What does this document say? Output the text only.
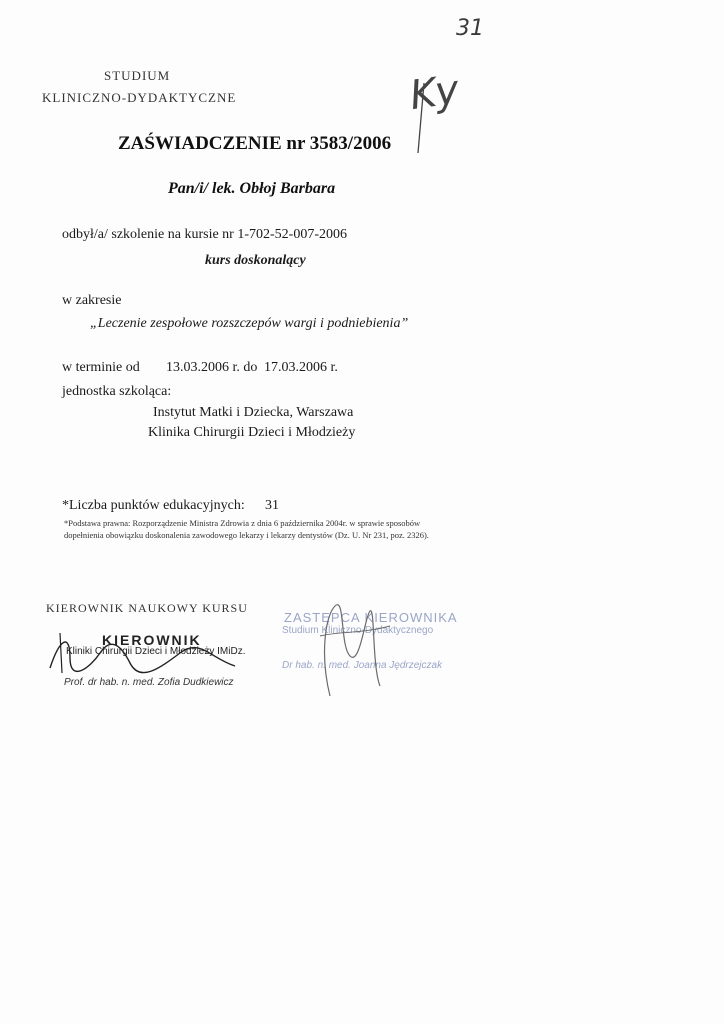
31
Ky
STUDIUM
KLINICZNO-DYDAKTYCZNE
ZAŚWIADCZENIE nr 3583/2006
Pan/i/ lek. Obłoj Barbara
odbył/a/ szkolenie na kursie nr 1-702-52-007-2006
kurs doskonalący
w zakresie
„Leczenie zespołowe rozszczepów wargi i podniebienia”
w terminie od 13.03.2006 r. do 17.03.2006 r.
jednostka szkoląca:
Instytut Matki i Dziecka, Warszawa
Klinika Chirurgii Dzieci i Młodzieży
*Liczba punktów edukacyjnych: 31
*Podstawa prawna: Rozporządzenie Ministra Zdrowia z dnia 6 października 2004r. w sprawie sposobów dopełnienia obowiązku doskonalenia zawodowego lekarzy i lekarzy dentystów (Dz. U. Nr 231, poz. 2326).
KIEROWNIK NAUKOWY KURSU
KIEROWNIK
Kliniki Chirurgii Dzieci i Młodzieży IMiDz.
Prof. dr hab. n. med. Zofia Dudkiewicz
ZASTĘPCA KIEROWNIKA
Studium Kliniczno-Dydaktycznego
Dr hab. n. med. Joanna Jędrzejczak
